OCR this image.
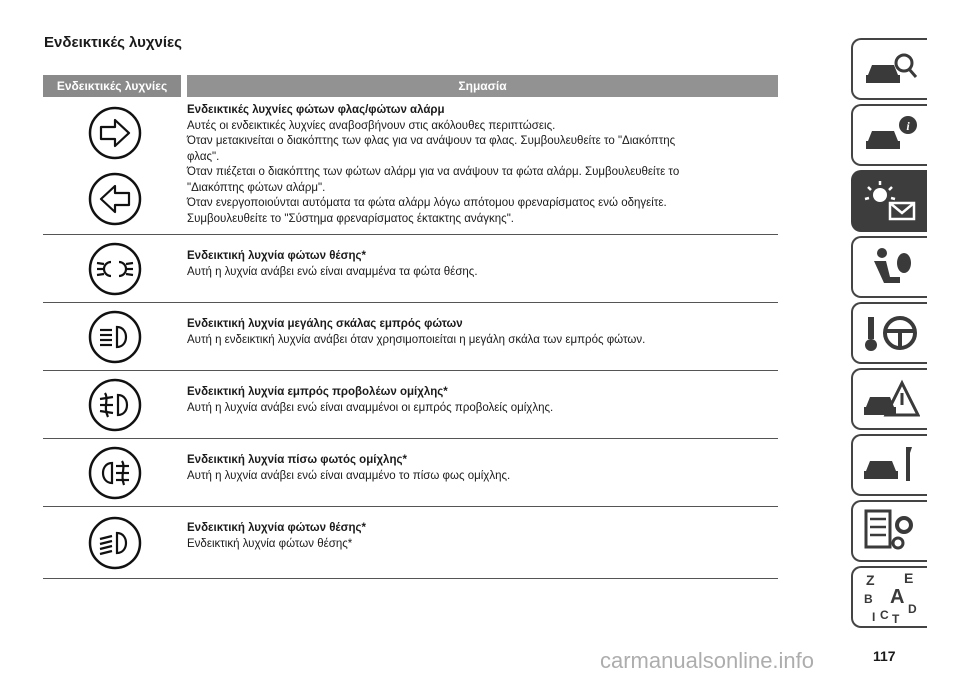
Ενδεικτικές λυχνίες
Ενδεικτικές λυχνίες	Σημασία
Ενδεικτικές λυχνίες φώτων φλας/φώτων αλάρμ
Αυτές οι ενδεικτικές λυχνίες αναβοσβήνουν στις ακόλουθες περιπτώσεις.
Όταν μετακινείται ο διακόπτης των φλας για να ανάψουν τα φλας. Συμβουλευθείτε το "Διακόπτης
φλας".
Όταν πιέζεται ο διακόπτης των φώτων αλάρμ για να ανάψουν τα φώτα αλάρμ. Συμβουλευθείτε το
"Διακόπτης φώτων αλάρμ".
Όταν ενεργοποιούνται αυτόματα τα φώτα αλάρμ λόγω απότομου φρεναρίσματος ενώ οδηγείτε.
Συμβουλευθείτε το "Σύστημα φρεναρίσματος έκτακτης ανάγκης".
Ενδεικτική λυχνία φώτων θέσης*
Αυτή η λυχνία ανάβει ενώ είναι αναμμένα τα φώτα θέσης.
Ενδεικτική λυχνία μεγάλης σκάλας εμπρός φώτων
Αυτή η ενδεικτική λυχνία ανάβει όταν χρησιμοποιείται η μεγάλη σκάλα των εμπρός φώτων.
Ενδεικτική λυχνία εμπρός προβολέων ομίχλης*
Αυτή η λυχνία ανάβει ενώ είναι αναμμένοι οι εμπρός προβολείς ομίχλης.
Ενδεικτική λυχνία πίσω φωτός ομίχλης*
Αυτή η λυχνία ανάβει ενώ είναι αναμμένο το πίσω φως ομίχλης.
Ενδεικτική λυχνία φώτων θέσης*
Ενδεικτική λυχνία φώτων θέσης*
i
Z E
B A
I C T
D
carmanualsonline.info	117
